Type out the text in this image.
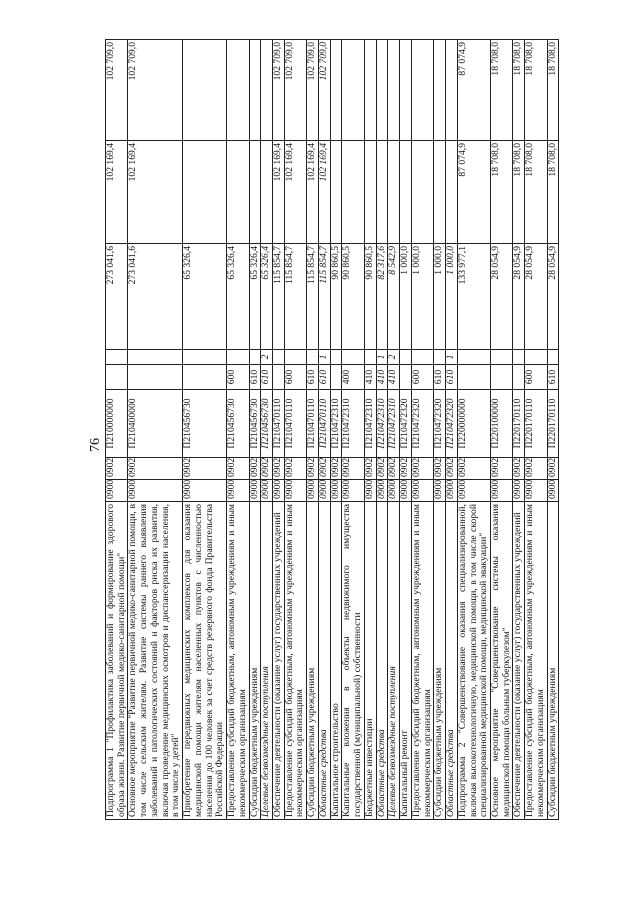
76
Подпрограмма 1 "Профилактика заболеваний и формирование здорового образа жизни. Развитие первичной медико-санитарной помощи"	0900	0902	П210000000			273 041,6	102 169,4	102 709,0
Основное мероприятие "Развитие первичной медико-санитарной помощи, в том числе сельским жителям. Развитие системы раннего выявления заболеваний и патологических состояний и факторов риска их развития, включая проведение медицинских осмотров и диспансеризации населения, в том числе у детей"	0900	0902	П210400000			273 041,6	102 169,4	102 709,0
Приобретение передвижных медицинских комплексов для оказания медицинской помощи жителям населенных пунктов с численностью населения до 100 человек за счет средств резервного фонда Правительства Российской Федерации	0900	0902	П210456730			65 326,4		
Предоставление субсидий бюджетным, автономным учреждениям и иным некоммерческим организациям	0900	0902	П210456730	600		65 326,4		
Субсидии бюджетным учреждениям	0900	0902	П210456730	610		65 326,4		
Целевые безвозмездные поступления	0900	0902	П210456730	610	2	65 326,4		
Обеспечение деятельности (оказание услуг) государственных учреждений	0900	0902	П210470110			115 854,7	102 169,4	102 709,0
Предоставление субсидий бюджетным, автономным учреждениям и иным некоммерческим организациям	0900	0902	П210470110	600		115 854,7	102 169,4	102 709,0
Субсидии бюджетным учреждениям	0900	0902	П210470110	610		115 854,7	102 169,4	102 709,0
Областные средства	0900	0902	П210470110	610	1	115 854,7	102 169,4	102 709,0
Капитальное строительство	0900	0902	П210472310			90 860,5		
Капитальные вложения в объекты недвижимого имущества государственной (муниципальной) собственности	0900	0902	П210472310	400		90 860,5		
Бюджетные инвестиции	0900	0902	П210472310	410		90 860,5		
Областные средства	0900	0902	П210472310	410	1	82 317,6		
Целевые безвозмездные поступления	0900	0902	П210472310	410	2	8 542,9		
Капитальный ремонт	0900	0902	П210472320			1 000,0		
Предоставление субсидий бюджетным, автономным учреждениям и иным некоммерческим организациям	0900	0902	П210472320	600		1 000,0		
Субсидии бюджетным учреждениям	0900	0902	П210472320	610		1 000,0		
Областные средства	0900	0902	П210472320	610	1	1 000,0		
Подпрограмма 2 "Совершенствование оказания специализированной, включая высокотехнологичную, медицинской помощи, в том числе скорой специализированной медицинской помощи, медицинской эвакуации"	0900	0902	П220000000			133 977,1	87 074,9	87 074,9
Основное мероприятие "Совершенствование системы оказания медицинской помощи больным туберкулезом"	0900	0902	П220100000			28 054,9	18 708,0	18 708,0
Обеспечение деятельности (оказание услуг) государственных учреждений	0900	0902	П220170110			28 054,9	18 708,0	18 708,0
Предоставление субсидий бюджетным, автономным учреждениям и иным некоммерческим организациям	0900	0902	П220170110	600		28 054,9	18 708,0	18 708,0
Субсидии бюджетным учреждениям	0900	0902	П220170110	610		28 054,9	18 708,0	18 708,0
